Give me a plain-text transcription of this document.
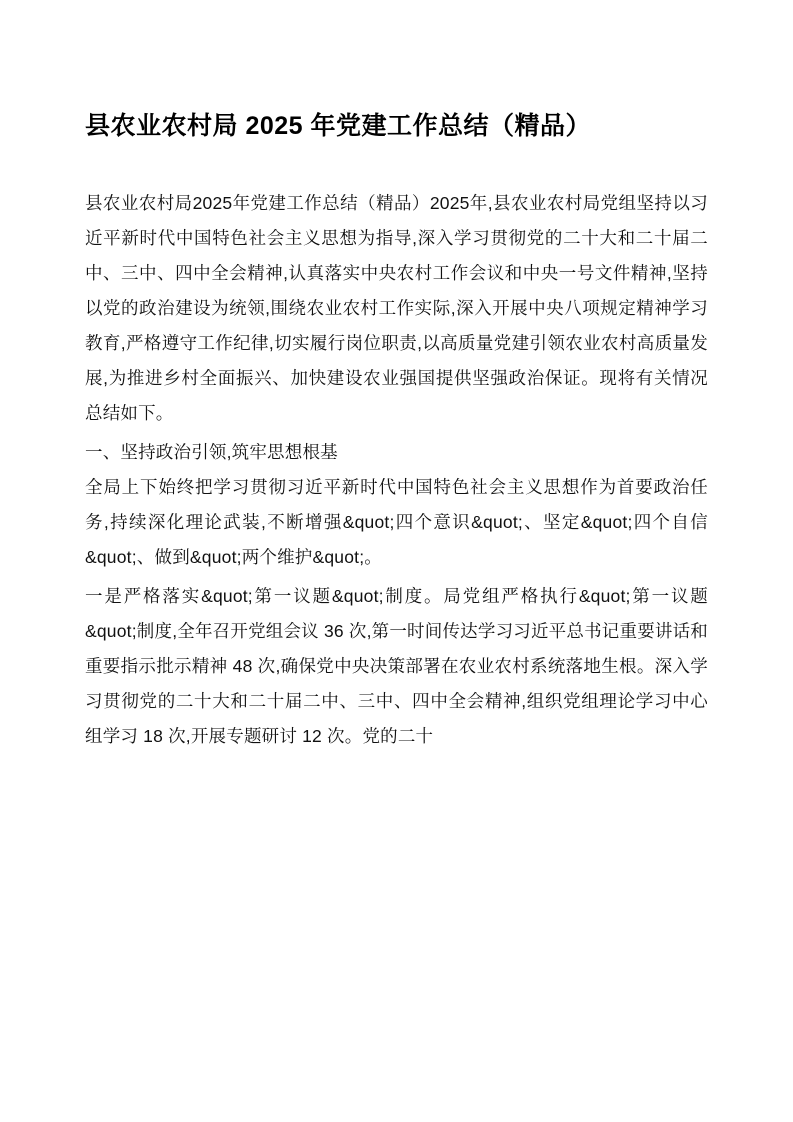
县农业农村局 2025 年党建工作总结（精品）

县农业农村局2025年党建工作总结（精品）2025年,县农业农村局党组坚持以习近平新时代中国特色社会主义思想为指导,深入学习贯彻党的二十大和二十届二中、三中、四中全会精神,认真落实中央农村工作会议和中央一号文件精神,坚持以党的政治建设为统领,围绕农业农村工作实际,深入开展中央八项规定精神学习教育,严格遵守工作纪律,切实履行岗位职责,以高质量党建引领农业农村高质量发展,为推进乡村全面振兴、加快建设农业强国提供坚强政治保证。现将有关情况总结如下。

一、坚持政治引领,筑牢思想根基

全局上下始终把学习贯彻习近平新时代中国特色社会主义思想作为首要政治任务,持续深化理论武装,不断增强&quot;四个意识&quot;、坚定&quot;四个自信&quot;、做到&quot;两个维护&quot;。

一是严格落实&quot;第一议题&quot;制度。局党组严格执行&quot;第一议题&quot;制度,全年召开党组会议 36 次,第一时间传达学习习近平总书记重要讲话和重要指示批示精神 48 次,确保党中央决策部署在农业农村系统落地生根。深入学习贯彻党的二十大和二十届二中、三中、四中全会精神,组织党组理论学习中心组学习 18 次,开展专题研讨 12 次。党的二十
